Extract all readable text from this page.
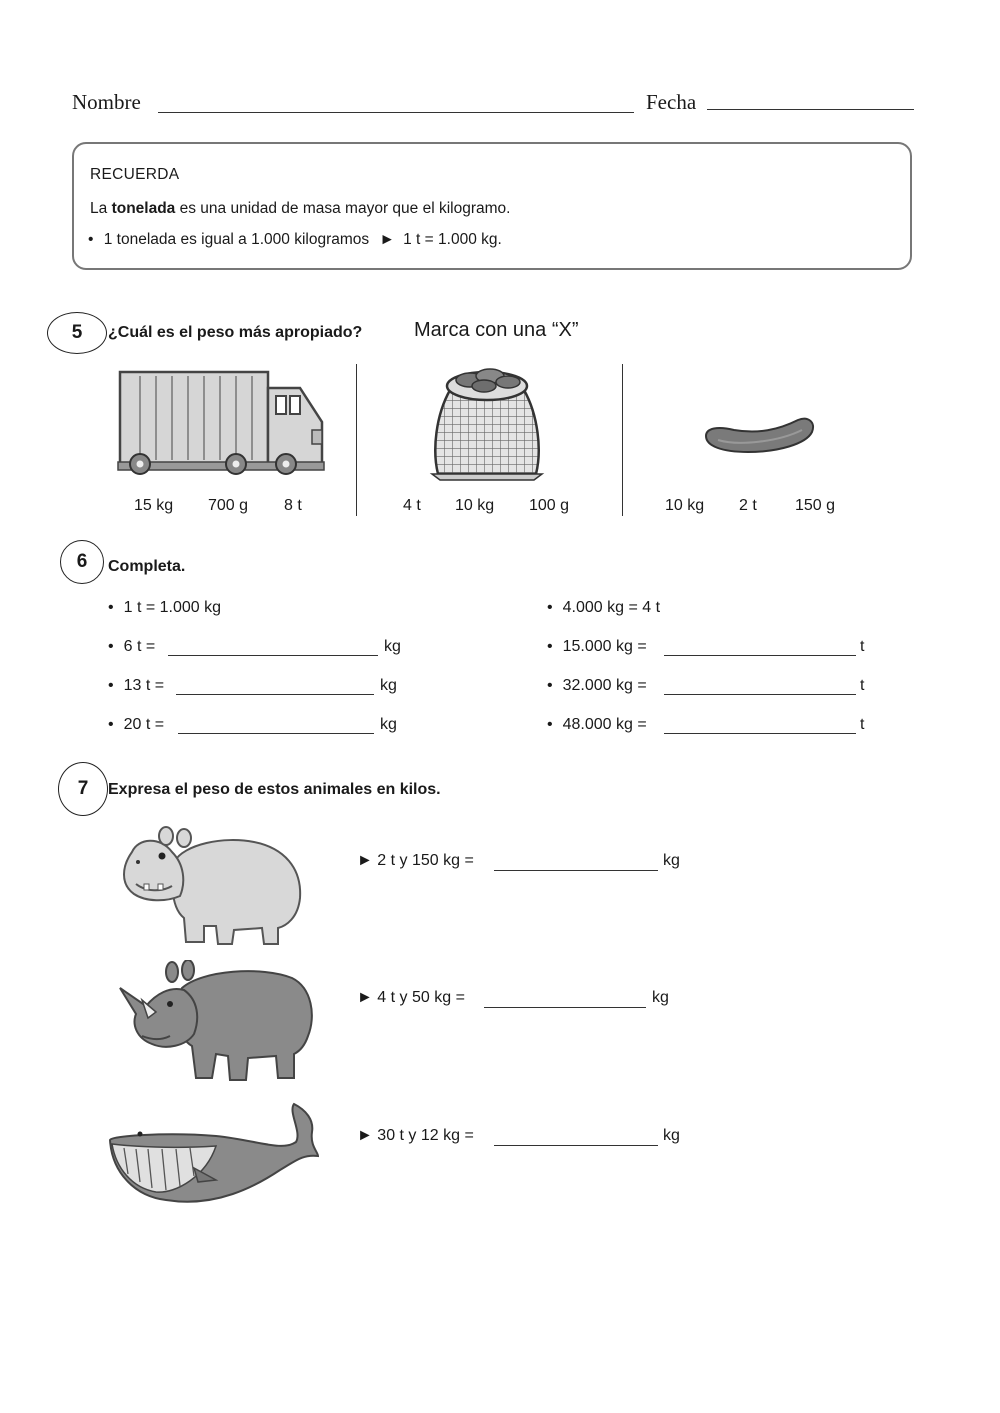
Nombre	Fecha
RECUERDA
La tonelada es una unidad de masa mayor que el kilogramo.
• 1 tonelada es igual a 1.000 kilogramos ► 1 t = 1.000 kg.
5 ¿Cuál es el peso más apropiado?	Marca con una “X”
15 kg 700 g 8 t	4 t 10 kg 100 g	10 kg 2 t 150 g
6 Completa.
• 1 t = 1.000 kg
• 6 t =	kg
• 13 t =	kg
• 20 t =	kg
• 4.000 kg = 4 t
• 15.000 kg =	t
• 32.000 kg =	t
• 48.000 kg =	t
7 Expresa el peso de estos animales en kilos.
► 2 t y 150 kg =	kg
► 4 t y 50 kg =	kg
► 30 t y 12 kg =	kg
